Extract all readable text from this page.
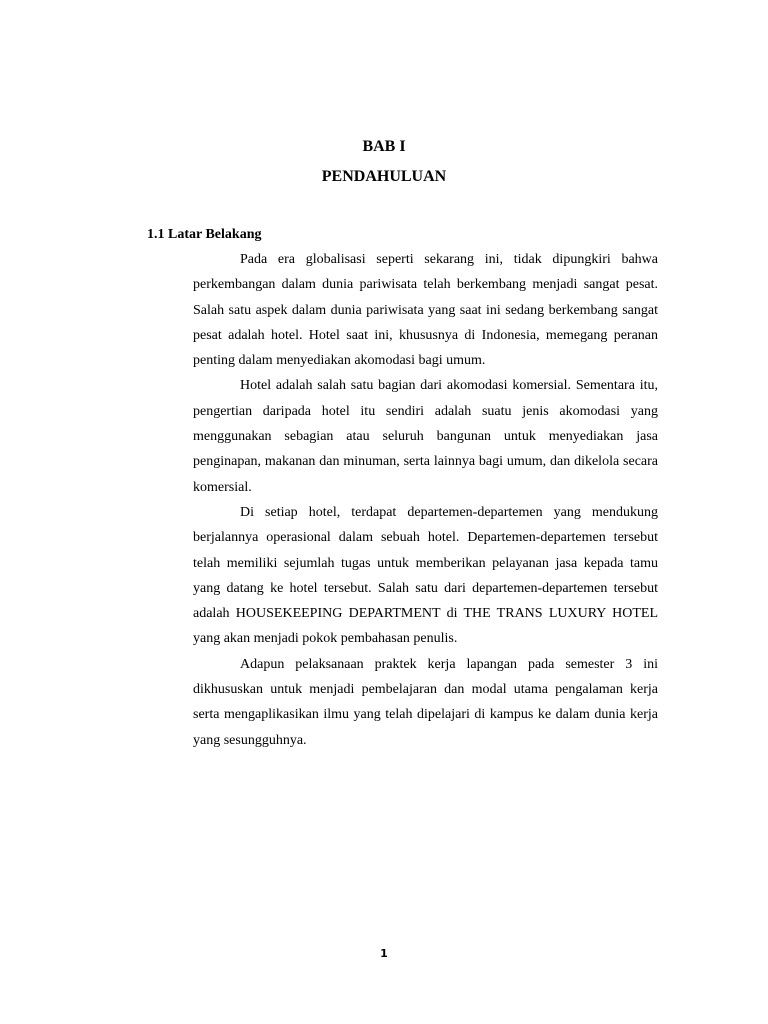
BAB I
PENDAHULUAN
1.1 Latar Belakang

Pada era globalisasi seperti sekarang ini, tidak dipungkiri bahwa perkembangan dalam dunia pariwisata telah berkembang menjadi sangat pesat. Salah satu aspek dalam dunia pariwisata yang saat ini sedang berkembang sangat pesat adalah hotel. Hotel saat ini, khususnya di Indonesia, memegang peranan penting dalam menyediakan akomodasi bagi umum.

Hotel adalah salah satu bagian dari akomodasi komersial. Sementara itu, pengertian daripada hotel itu sendiri adalah suatu jenis akomodasi yang menggunakan sebagian atau seluruh bangunan untuk menyediakan jasa penginapan, makanan dan minuman, serta lainnya bagi umum, dan dikelola secara komersial.

Di setiap hotel, terdapat departemen-departemen yang mendukung berjalannya operasional dalam sebuah hotel. Departemen-departemen tersebut telah memiliki sejumlah tugas untuk memberikan pelayanan jasa kepada tamu yang datang ke hotel tersebut. Salah satu dari departemen-departemen tersebut adalah HOUSEKEEPING DEPARTMENT di THE TRANS LUXURY HOTEL yang akan menjadi pokok pembahasan penulis.

Adapun pelaksanaan praktek kerja lapangan pada semester 3 ini dikhususkan untuk menjadi pembelajaran dan modal utama pengalaman kerja serta mengaplikasikan ilmu yang telah dipelajari di kampus ke dalam dunia kerja yang sesungguhnya.

1
